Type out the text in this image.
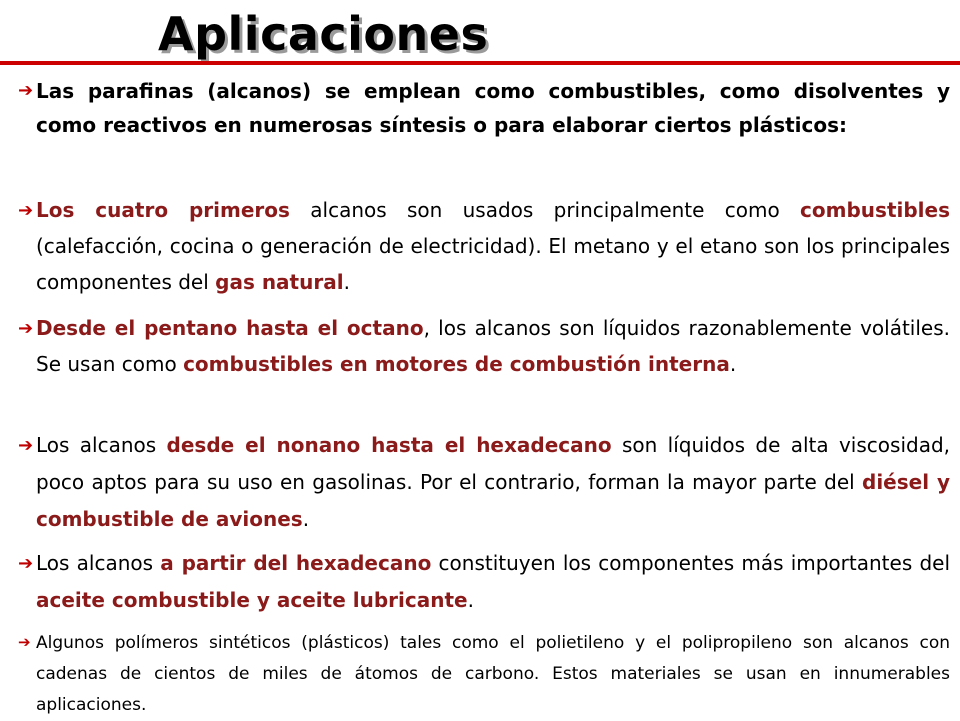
Aplicaciones
➔ Las parafinas (alcanos) se emplean como combustibles, como disolventes y como reactivos en numerosas síntesis o para elaborar ciertos plásticos:
➔ Los cuatro primeros alcanos son usados principalmente como combustibles (calefacción, cocina o generación de electricidad). El metano y el etano son los principales componentes del gas natural.
➔ Desde el pentano hasta el octano, los alcanos son líquidos razonablemente volátiles. Se usan como combustibles en motores de combustión interna.
➔ Los alcanos desde el nonano hasta el hexadecano son líquidos de alta viscosidad, poco aptos para su uso en gasolinas. Por el contrario, forman la mayor parte del diésel y combustible de aviones.
➔ Los alcanos a partir del hexadecano constituyen los componentes más importantes del aceite combustible y aceite lubricante.
➔ Algunos polímeros sintéticos (plásticos) tales como el polietileno y el polipropileno son alcanos con cadenas de cientos de miles de átomos de carbono. Estos materiales se usan en innumerables aplicaciones.
